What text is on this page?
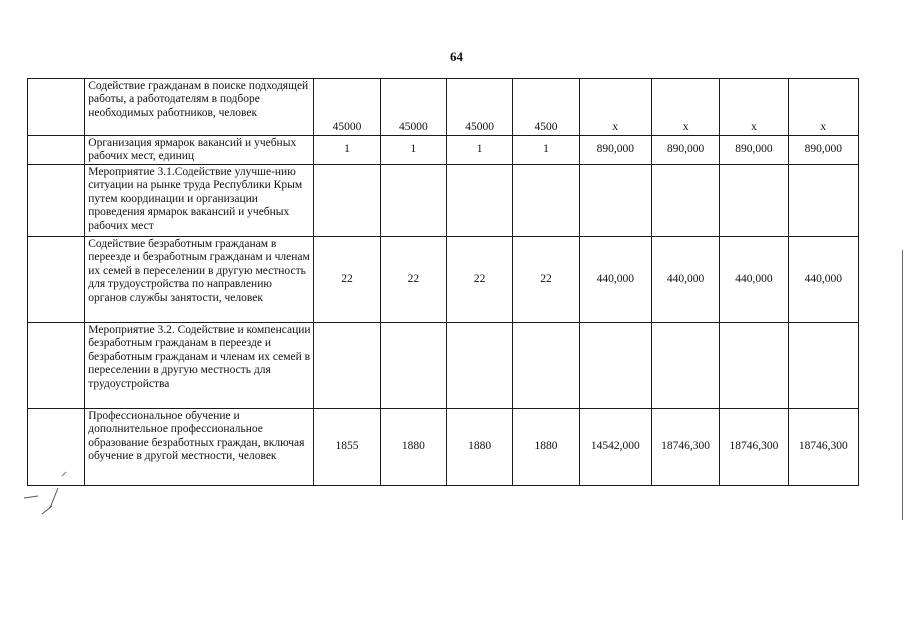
64
	Содействие гражданам в поиске подходящей работы, а работодателям в подборе необходимых работников, человек	45000	45000	45000	4500	х	х	х	х
	Организация ярмарок вакансий и учебных рабочих мест, единиц	1	1	1	1	890,000	890,000	890,000	890,000
	Мероприятие 3.1.Содействие улучше-нию ситуации на рынке труда Республики Крым путем координации и организации проведения ярмарок вакансий и учебных рабочих мест								
	Содействие безработным гражданам в переезде и безработным гражданам и членам их семей в переселении в другую местность для трудоустройства по направлению органов службы занятости, человек	22	22	22	22	440,000	440,000	440,000	440,000
	Мероприятие 3.2. Содействие и компенсации безработным гражданам в переезде и безработным гражданам и членам их семей в переселении в другую местность для трудоустройства								
	Профессиональное обучение и дополнительное профессиональное образование безработных граждан, включая обучение в другой местности, человек	1855	1880	1880	1880	14542,000	18746,300	18746,300	18746,300
